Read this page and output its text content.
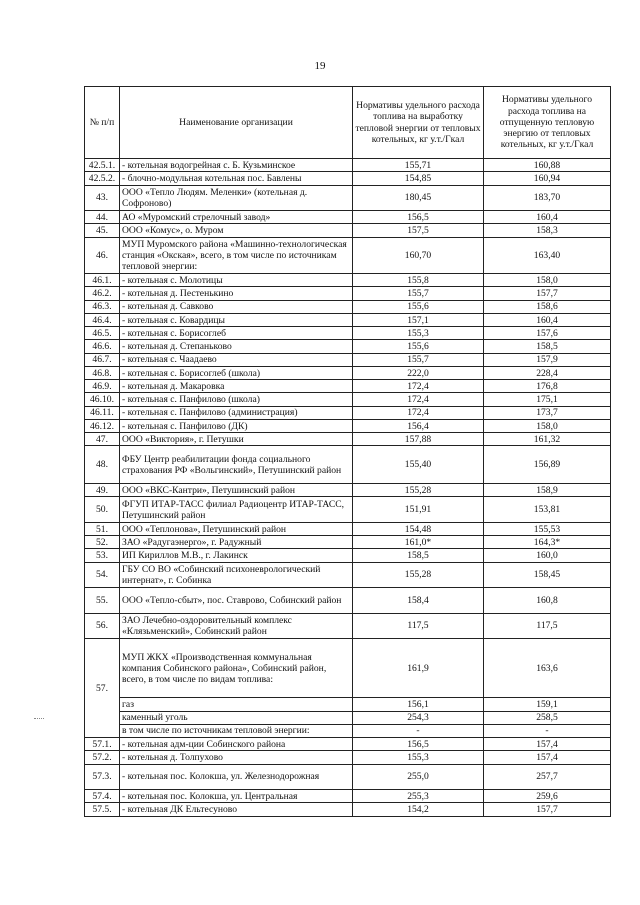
19
№ п/п	Наименование организации	Нормативы удельного расхода топлива на выработку тепловой энергии от тепловых котельных, кг у.т./Гкал	Нормативы удельного расхода топлива на отпущенную тепловую энергию от тепловых котельных, кг у.т./Гкал
42.5.1.	- котельная водогрейная с. Б. Кузьминское	155,71	160,88
42.5.2.	- блочно-модульная котельная пос. Бавлены	154,85	160,94
43.	ООО «Тепло Людям. Меленки» (котельная д. Софроново)	180,45	183,70
44.	АО «Муромский стрелочный завод»	156,5	160,4
45.	ООО «Комус», о. Муром	157,5	158,3
46.	МУП Муромского района «Машинно-технологическая станция «Окская», всего, в том числе по источникам тепловой энергии:	160,70	163,40
46.1.	- котельная с. Молотицы	155,8	158,0
46.2.	- котельная д. Пестенькино	155,7	157,7
46.3.	- котельная д. Савково	155,6	158,6
46.4.	- котельная с. Ковардицы	157,1	160,4
46.5.	- котельная с. Борисоглеб	155,3	157,6
46.6.	- котельная д. Степаньково	155,6	158,5
46.7.	- котельная с. Чаадаево	155,7	157,9
46.8.	- котельная с. Борисоглеб (школа)	222,0	228,4
46.9.	- котельная д. Макаровка	172,4	176,8
46.10.	- котельная с. Панфилово (школа)	172,4	175,1
46.11.	- котельная с. Панфилово (администрация)	172,4	173,7
46.12.	- котельная с. Панфилово (ДК)	156,4	158,0
47.	ООО «Виктория», г. Петушки	157,88	161,32
48.	ФБУ Центр реабилитации фонда социального страхования РФ «Вольгинский», Петушинский район	155,40	156,89
49.	ООО «ВКС-Кантри», Петушинский район	155,28	158,9
50.	ФГУП ИТАР-ТАСС филиал Радиоцентр ИТАР-ТАСС, Петушинский район	151,91	153,81
51.	ООО «Теплонова», Петушинский район	154,48	155,53
52.	ЗАО «Радугаэнерго», г. Радужный	161,0*	164,3*
53.	ИП Кириллов М.В., г. Лакинск	158,5	160,0
54.	ГБУ СО ВО «Собинский психоневрологический интернат», г. Собинка	155,28	158,45
55.	ООО «Тепло-сбыт», пос. Ставрово, Собинский район	158,4	160,8
56.	ЗАО Лечебно-оздоровительный комплекс «Клязьменский», Собинский район	117,5	117,5
57.	МУП ЖКХ «Производственная коммунальная компания Собинского района», Собинский район, всего, в том числе по видам топлива:	161,9	163,6
	газ	156,1	159,1
	каменный уголь	254,3	258,5
	в том числе по источникам тепловой энергии:	-	-
57.1.	- котельная адм-ции Собинского района	156,5	157,4
57.2.	- котельная д. Толпухово	155,3	157,4
57.3.	- котельная пос. Колокша, ул. Железнодорожная	255,0	257,7
57.4.	- котельная пос. Колокша, ул. Центральная	255,3	259,6
57.5.	- котельная ДК Ельтесуново	154,2	157,7
